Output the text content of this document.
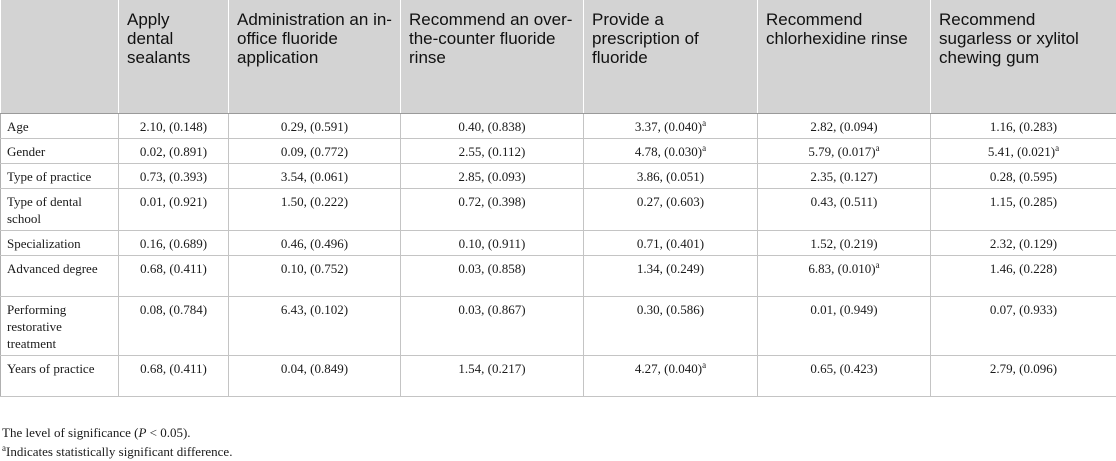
	Apply dental sealants	Administration an in-office fluoride application	Recommend an over-the-counter fluoride rinse	Provide a prescription of fluoride	Recommend chlorhexidine rinse	Recommend sugarless or xylitol chewing gum
Age	2.10, (0.148)	0.29, (0.591)	0.40, (0.838)	3.37, $(0.040)^a$	2.82, (0.094)	1.16, (0.283)
Gender	0.02, (0.891)	0.09, (0.772)	2.55, (0.112)	4.78, $(0.030)^a$	5.79, $(0.017)^a$	5.41, $(0.021)^a$
Type of practice	0.73, (0.393)	3.54, (0.061)	2.85, (0.093)	3.86, (0.051)	2.35, (0.127)	0.28, (0.595)
Type of dental school	0.01, (0.921)	1.50, (0.222)	0.72, (0.398)	0.27, (0.603)	0.43, (0.511)	1.15, (0.285)
Specialization	0.16, (0.689)	0.46, (0.496)	0.10, (0.911)	0.71, (0.401)	1.52, (0.219)	2.32, (0.129)
Advanced degree	0.68, (0.411)	0.10, (0.752)	0.03, (0.858)	1.34, (0.249)	6.83, $(0.010)^a$	1.46, (0.228)
Performing restorative treatment	0.08, (0.784)	6.43, (0.102)	0.03, (0.867)	0.30, (0.586)	0.01, (0.949)	0.07, (0.933)
Years of practice	0.68, (0.411)	0.04, (0.849)	1.54, (0.217)	4.27, $(0.040)^a$	0.65, (0.423)	2.79, (0.096)
The level of significance (P < 0.05).
$^a$Indicates statistically significant difference.
